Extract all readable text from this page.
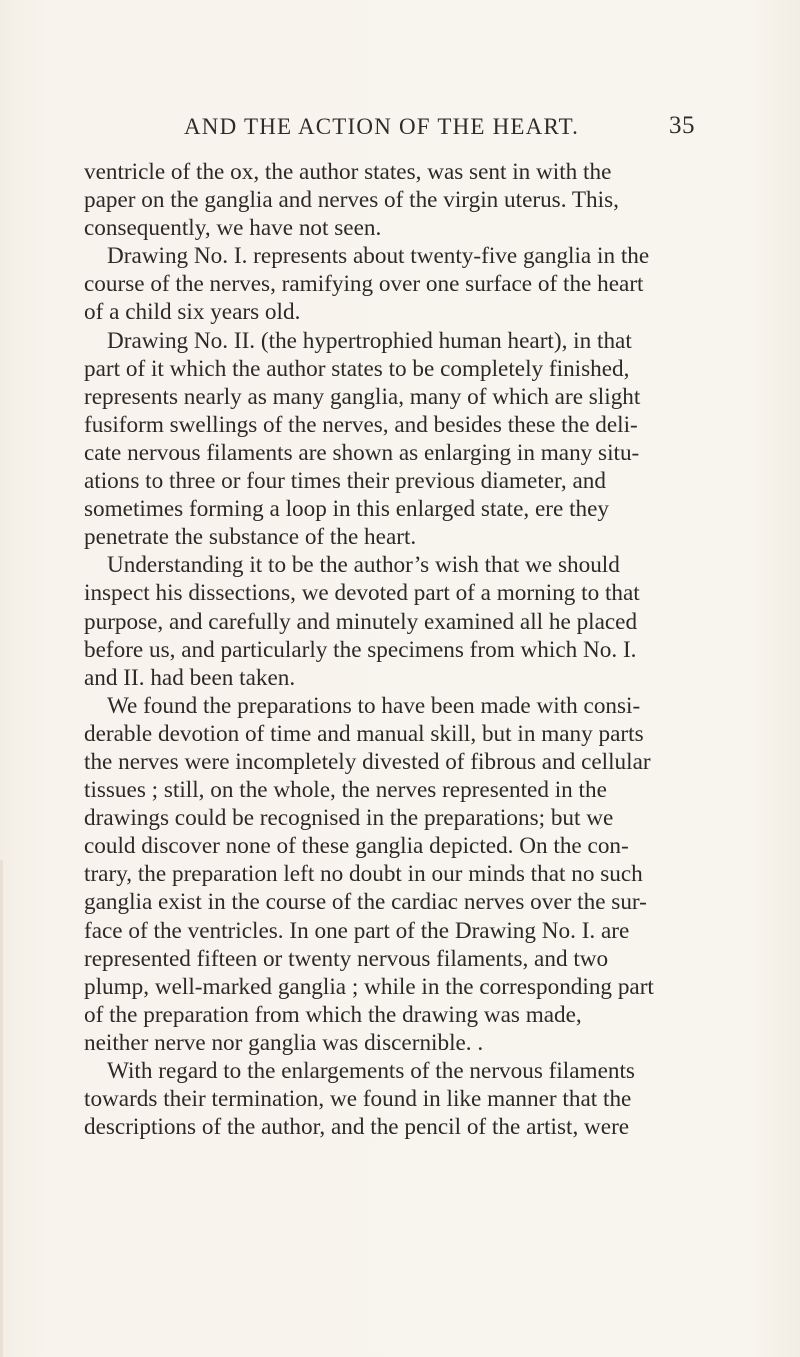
AND THE ACTION OF THE HEART.	35
ventricle of the ox, the author states, was sent in with the
paper on the ganglia and nerves of the virgin uterus. This,
consequently, we have not seen.
Drawing No. I. represents about twenty-five ganglia in the
course of the nerves, ramifying over one surface of the heart
of a child six years old.
Drawing No. II. (the hypertrophied human heart), in that
part of it which the author states to be completely finished,
represents nearly as many ganglia, many of which are slight
fusiform swellings of the nerves, and besides these the deli-
cate nervous filaments are shown as enlarging in many situ-
ations to three or four times their previous diameter, and
sometimes forming a loop in this enlarged state, ere they
penetrate the substance of the heart.
Understanding it to be the author’s wish that we should
inspect his dissections, we devoted part of a morning to that
purpose, and carefully and minutely examined all he placed
before us, and particularly the specimens from which No. I.
and II. had been taken.
We found the preparations to have been made with consi-
derable devotion of time and manual skill, but in many parts
the nerves were incompletely divested of fibrous and cellular
tissues ; still, on the whole, the nerves represented in the
drawings could be recognised in the preparations; but we
could discover none of these ganglia depicted. On the con-
trary, the preparation left no doubt in our minds that no such
ganglia exist in the course of the cardiac nerves over the sur-
face of the ventricles. In one part of the Drawing No. I. are
represented fifteen or twenty nervous filaments, and two
plump, well-marked ganglia ; while in the corresponding part
of the preparation from which the drawing was made,
neither nerve nor ganglia was discernible. .
With regard to the enlargements of the nervous filaments
towards their termination, we found in like manner that the
descriptions of the author, and the pencil of the artist, were
